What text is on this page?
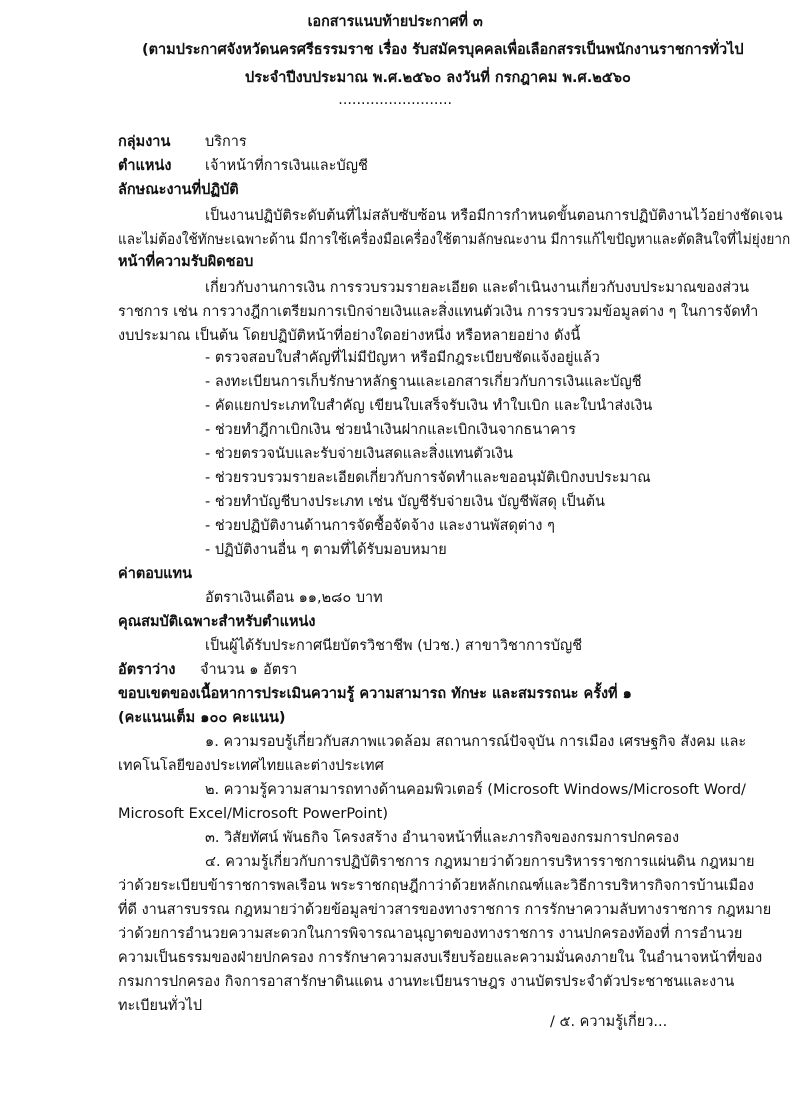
เอกสารแนบท้ายประกาศที่ ๓
(ตามประกาศจังหวัดนครศรีธรรมราช เรื่อง รับสมัครบุคคลเพื่อเลือกสรรเป็นพนักงานราชการทั่วไป
ประจำปีงบประมาณ พ.ศ.๒๕๖๐ ลงวันที่ กรกฎาคม พ.ศ.๒๕๖๐
.........................
กลุ่มงาน บริการ
ตำแหน่ง เจ้าหน้าที่การเงินและบัญชี
ลักษณะงานที่ปฏิบัติ
เป็นงานปฏิบัติระดับต้นที่ไม่สลับซับซ้อน หรือมีการกำหนดขั้นตอนการปฏิบัติงานไว้อย่างชัดเจน
และไม่ต้องใช้ทักษะเฉพาะด้าน มีการใช้เครื่องมือเครื่องใช้ตามลักษณะงาน มีการแก้ไขปัญหาและตัดสินใจที่ไม่ยุ่งยาก
หน้าที่ความรับผิดชอบ
เกี่ยวกับงานการเงิน การรวบรวมรายละเอียด และดำเนินงานเกี่ยวกับงบประมาณของส่วน
ราชการ เช่น การวางฎีกาเตรียมการเบิกจ่ายเงินและสิ่งแทนตัวเงิน การรวบรวมข้อมูลต่าง ๆ ในการจัดทำ
งบประมาณ เป็นต้น โดยปฏิบัติหน้าที่อย่างใดอย่างหนึ่ง หรือหลายอย่าง ดังนี้
- ตรวจสอบใบสำคัญที่ไม่มีปัญหา หรือมีกฎระเบียบชัดแจ้งอยู่แล้ว
- ลงทะเบียนการเก็บรักษาหลักฐานและเอกสารเกี่ยวกับการเงินและบัญชี
- คัดแยกประเภทใบสำคัญ เขียนใบเสร็จรับเงิน ทำใบเบิก และใบนำส่งเงิน
- ช่วยทำฎีกาเบิกเงิน ช่วยนำเงินฝากและเบิกเงินจากธนาคาร
- ช่วยตรวจนับและรับจ่ายเงินสดและสิ่งแทนตัวเงิน
- ช่วยรวบรวมรายละเอียดเกี่ยวกับการจัดทำและขออนุมัติเบิกงบประมาณ
- ช่วยทำบัญชีบางประเภท เช่น บัญชีรับจ่ายเงิน บัญชีพัสดุ เป็นต้น
- ช่วยปฏิบัติงานด้านการจัดซื้อจัดจ้าง และงานพัสดุต่าง ๆ
- ปฏิบัติงานอื่น ๆ ตามที่ได้รับมอบหมาย
ค่าตอบแทน
อัตราเงินเดือน ๑๑,๒๘๐ บาท
คุณสมบัติเฉพาะสำหรับตำแหน่ง
เป็นผู้ได้รับประกาศนียบัตรวิชาชีพ (ปวช.) สาขาวิชาการบัญชี
อัตราว่าง จำนวน ๑ อัตรา
ขอบเขตของเนื้อหาการประเมินความรู้ ความสามารถ ทักษะ และสมรรถนะ ครั้งที่ ๑
(คะแนนเต็ม ๑๐๐ คะแนน)
๑. ความรอบรู้เกี่ยวกับสภาพแวดล้อม สถานการณ์ปัจจุบัน การเมือง เศรษฐกิจ สังคม และ
เทคโนโลยีของประเทศไทยและต่างประเทศ
๒. ความรู้ความสามารถทางด้านคอมพิวเตอร์ (Microsoft Windows/Microsoft Word/
Microsoft Excel/Microsoft PowerPoint)
๓. วิสัยทัศน์ พันธกิจ โครงสร้าง อำนาจหน้าที่และภารกิจของกรมการปกครอง
๔. ความรู้เกี่ยวกับการปฏิบัติราชการ กฎหมายว่าด้วยการบริหารราชการแผ่นดิน กฎหมาย
ว่าด้วยระเบียบข้าราชการพลเรือน พระราชกฤษฎีกาว่าด้วยหลักเกณฑ์และวิธีการบริหารกิจการบ้านเมือง
ที่ดี งานสารบรรณ กฎหมายว่าด้วยข้อมูลข่าวสารของทางราชการ การรักษาความลับทางราชการ กฎหมาย
ว่าด้วยการอำนวยความสะดวกในการพิจารณาอนุญาตของทางราชการ งานปกครองท้องที่ การอำนวย
ความเป็นธรรมของฝ่ายปกครอง การรักษาความสงบเรียบร้อยและความมั่นคงภายใน ในอำนาจหน้าที่ของ
กรมการปกครอง กิจการอาสารักษาดินแดน งานทะเบียนราษฎร งานบัตรประจำตัวประชาชนและงาน
ทะเบียนทั่วไป
/ ๕. ความรู้เกี่ยว...
